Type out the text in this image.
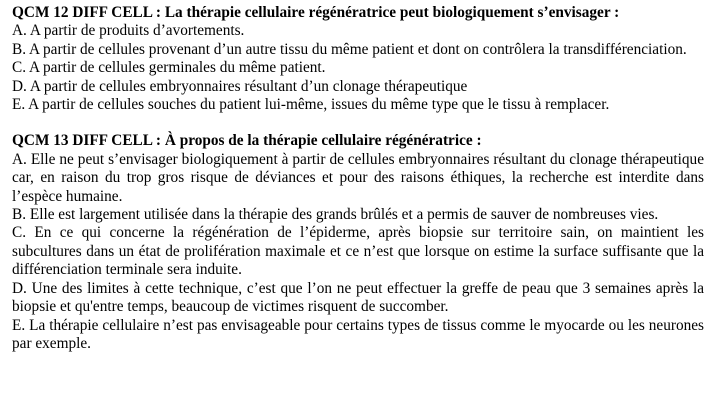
QCM 12 DIFF CELL : La thérapie cellulaire régénératrice peut biologiquement s’envisager :

A. A partir de produits d’avortements.

B. A partir de cellules provenant d’un autre tissu du même patient et dont on contrôlera la transdifférenciation.

C. A partir de cellules germinales du même patient.

D. A partir de cellules embryonnaires résultant d’un clonage thérapeutique

E. A partir de cellules souches du patient lui-même, issues du même type que le tissu à remplacer.

QCM 13 DIFF CELL : À propos de la thérapie cellulaire régénératrice :

A. Elle ne peut s’envisager biologiquement à partir de cellules embryonnaires résultant du clonage thérapeutique car, en raison du trop gros risque de déviances et pour des raisons éthiques, la recherche est interdite dans l’espèce humaine.

B. Elle est largement utilisée dans la thérapie des grands brûlés et a permis de sauver de nombreuses vies.

C. En ce qui concerne la régénération de l’épiderme, après biopsie sur territoire sain, on maintient les subcultures dans un état de prolifération maximale et ce n’est que lorsque on estime la surface suffisante que la différenciation terminale sera induite.

D. Une des limites à cette technique, c’est que l’on ne peut effectuer la greffe de peau que 3 semaines après la biopsie et qu'entre temps, beaucoup de victimes risquent de succomber.

E. La thérapie cellulaire n’est pas envisageable pour certains types de tissus comme le myocarde ou les neurones par exemple.
